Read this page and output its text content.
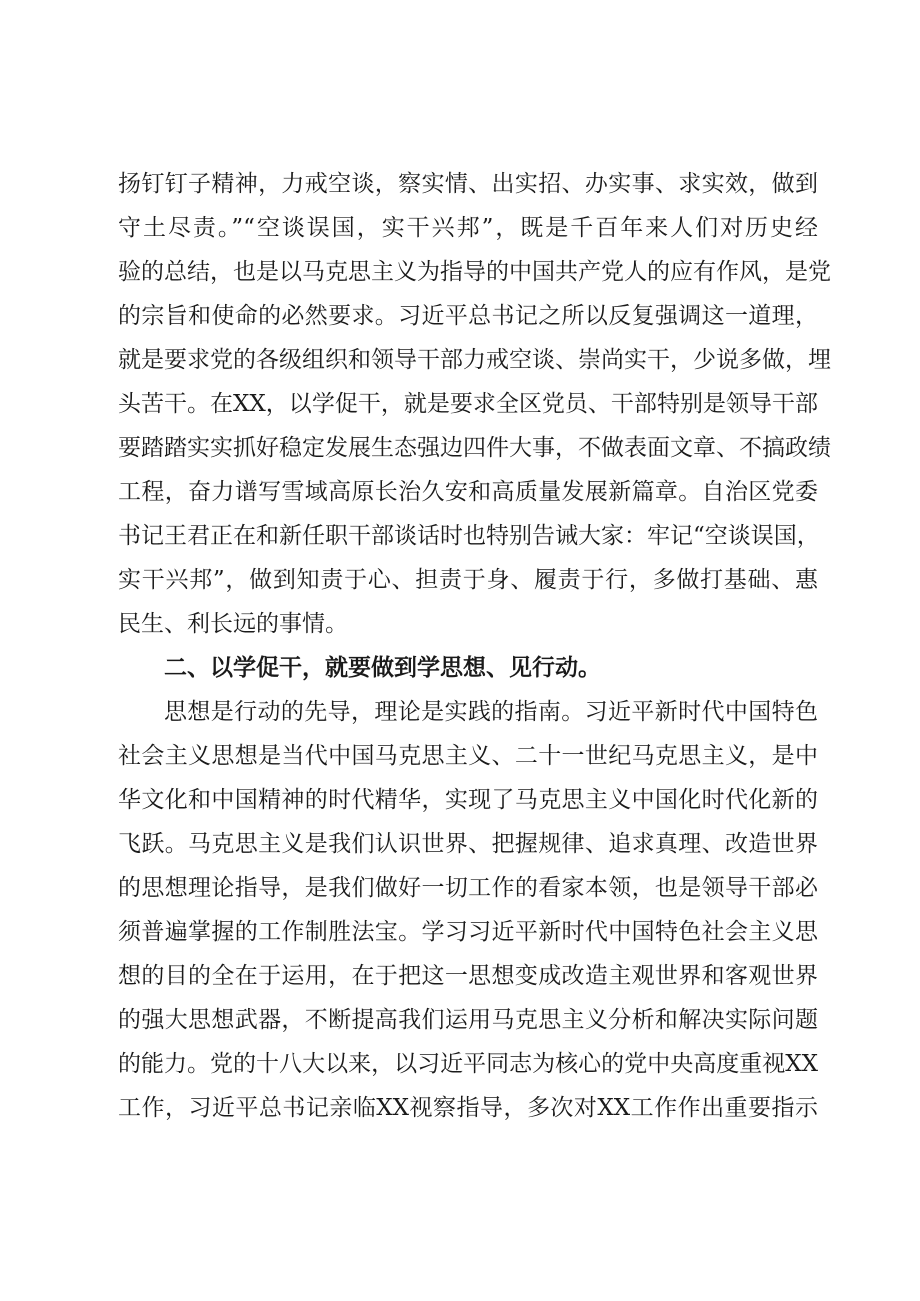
扬钉钉子精神，力戒空谈，察实情、出实招、办实事、求实效，做到
守土尽责。”“空谈误国，实干兴邦”，既是千百年来人们对历史经
验的总结，也是以马克思主义为指导的中国共产党人的应有作风，是党
的宗旨和使命的必然要求。习近平总书记之所以反复强调这一道理，
就是要求党的各级组织和领导干部力戒空谈、崇尚实干，少说多做，埋
头苦干。在XX，以学促干，就是要求全区党员、干部特别是领导干部
要踏踏实实抓好稳定发展生态强边四件大事，不做表面文章、不搞政绩
工程，奋力谱写雪域高原长治久安和高质量发展新篇章。自治区党委
书记王君正在和新任职干部谈话时也特别告诫大家：牢记“空谈误国，
实干兴邦”，做到知责于心、担责于身、履责于行，多做打基础、惠
民生、利长远的事情。
二、以学促干，就要做到学思想、见行动。
思想是行动的先导，理论是实践的指南。习近平新时代中国特色
社会主义思想是当代中国马克思主义、二十一世纪马克思主义，是中
华文化和中国精神的时代精华，实现了马克思主义中国化时代化新的
飞跃。马克思主义是我们认识世界、把握规律、追求真理、改造世界
的思想理论指导，是我们做好一切工作的看家本领，也是领导干部必
须普遍掌握的工作制胜法宝。学习习近平新时代中国特色社会主义思
想的目的全在于运用，在于把这一思想变成改造主观世界和客观世界
的强大思想武器，不断提高我们运用马克思主义分析和解决实际问题
的能力。党的十八大以来，以习近平同志为核心的党中央高度重视XX
工作，习近平总书记亲临XX视察指导，多次对XX工作作出重要指示
